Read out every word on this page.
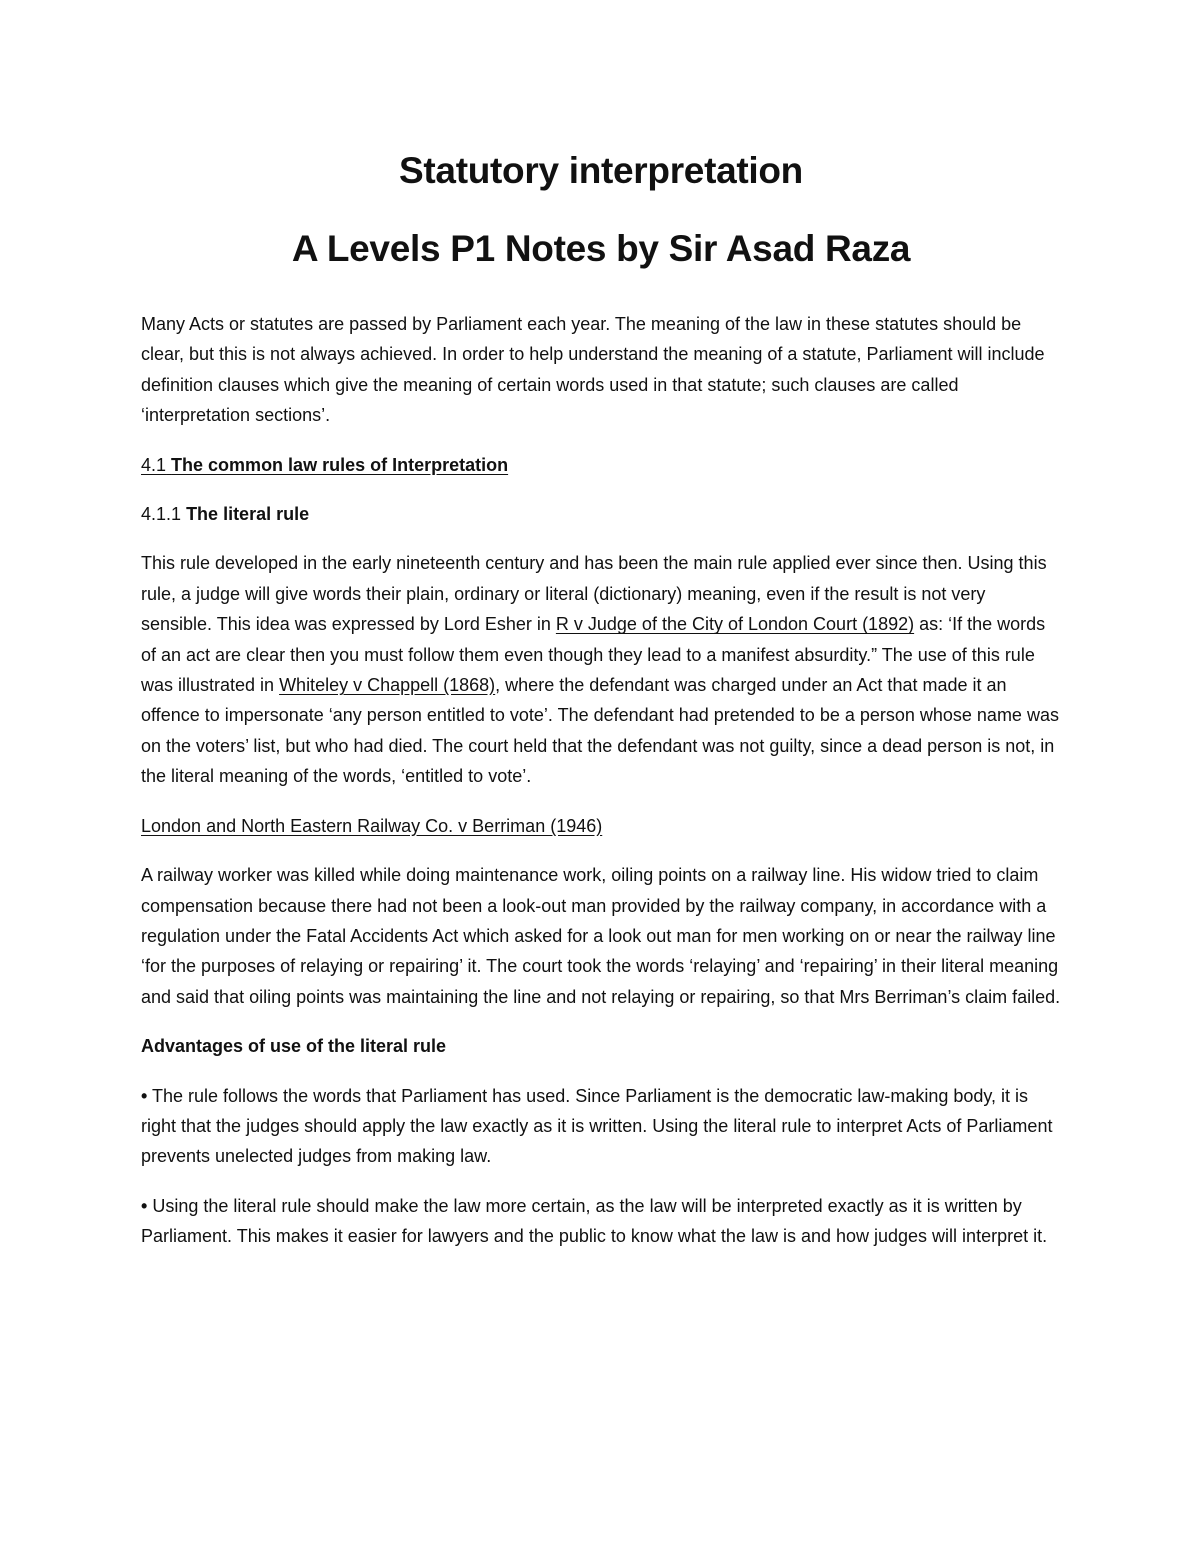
Statutory interpretation
A Levels P1 Notes by Sir Asad Raza

Many Acts or statutes are passed by Parliament each year. The meaning of the law in these statutes should be clear, but this is not always achieved. In order to help understand the meaning of a statute, Parliament will include definition clauses which give the meaning of certain words used in that statute; such clauses are called ‘interpretation sections’.

4.1 The common law rules of Interpretation

4.1.1 The literal rule

This rule developed in the early nineteenth century and has been the main rule applied ever since then. Using this rule, a judge will give words their plain, ordinary or literal (dictionary) meaning, even if the result is not very sensible. This idea was expressed by Lord Esher in R v Judge of the City of London Court (1892) as: ‘If the words of an act are clear then you must follow them even though they lead to a manifest absurdity.” The use of this rule was illustrated in Whiteley v Chappell (1868), where the defendant was charged under an Act that made it an offence to impersonate ‘any person entitled to vote’. The defendant had pretended to be a person whose name was on the voters’ list, but who had died. The court held that the defendant was not guilty, since a dead person is not, in the literal meaning of the words, ‘entitled to vote’.

London and North Eastern Railway Co. v Berriman (1946)

A railway worker was killed while doing maintenance work, oiling points on a railway line. His widow tried to claim compensation because there had not been a look-out man provided by the railway company, in accordance with a regulation under the Fatal Accidents Act which asked for a look out man for men working on or near the railway line ‘for the purposes of relaying or repairing’ it. The court took the words ‘relaying’ and ‘repairing’ in their literal meaning and said that oiling points was maintaining the line and not relaying or repairing, so that Mrs Berriman’s claim failed.

Advantages of use of the literal rule

• The rule follows the words that Parliament has used. Since Parliament is the democratic law-making body, it is right that the judges should apply the law exactly as it is written. Using the literal rule to interpret Acts of Parliament prevents unelected judges from making law.

• Using the literal rule should make the law more certain, as the law will be interpreted exactly as it is written by Parliament. This makes it easier for lawyers and the public to know what the law is and how judges will interpret it.
